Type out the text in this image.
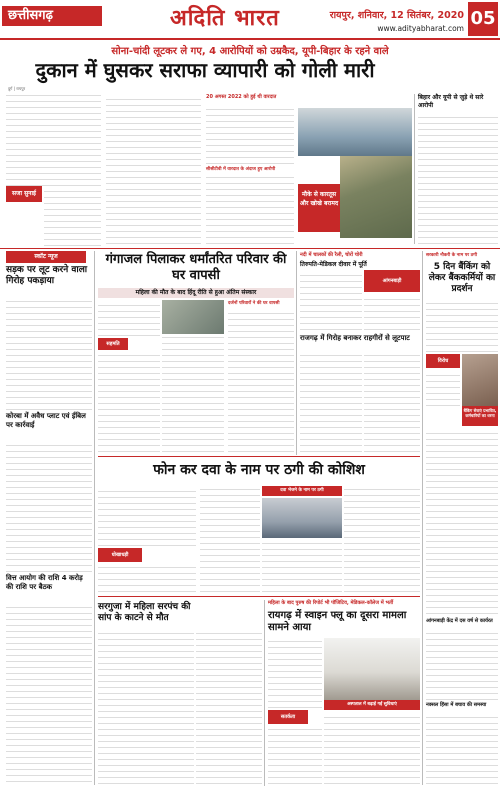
छत्तीसगढ़	अदिति भारत	रायपुर, शनिवार, 12 सितंबर, 2020
www.adityabharat.com 05
सोना-चांदी लूटकर ले गए, 4 आरोपियों को उम्रकैद, यूपी-बिहार के रहने वाले
दुकान में घुसकर सराफा व्यापारी को गोली मारी
दुर्ग | रायपुर
सजा सुनाई
20 अगस्त 2022 को हुई थी वारदात
सीसीटीवी में वारदात के अंदाज हुए आरोपी
मौके से कारतूस और खोखे बरामद
बिहार और यूपी से जुड़े थे सारे आरोपी
स्कॉट न्यूज
सड़क पर लूट करने वाला गिरोह पकड़ाया
कोरबा में अवैध प्लाट एवं ईबिल पर कार्रवाई
वित्त आयोग की राशि 4 करोड़ की राशि पर बैठक
गंगाजल पिलाकर धर्मांतरित परिवार की घर वापसी
महिला की मौत के बाद हिंदू रीति से हुआ अंतिम संस्कार
सहमति
दर्जनों परिवारों ने की घर वापसी
नदी में चालकों की रैली, चोरों चोरी
तिरुपति-मेडिकल दीवार में पूर्ति
आंगनबाड़ी
राजगढ़ में गिरोह बनाकर राहगीरों से लूटपाट
सरकारी नौकरी के नाम पर ठगी
5 दिन बैंकिंग को लेकर बैंककर्मियों का प्रदर्शन
विरोध
बैंकिंग सेवाएं प्रभावित, कर्मचारियों का धरना
फोन कर दवा के नाम पर ठगी की कोशिश
धोखाधड़ी
दवा भेजने के नाम पर ठगी
सरगुजा में महिला सरपंच की सांप के काटने से मौत
महिला के बाद पुरुष की रिपोर्ट भी पॉजिटिव, मेडिकल-कॉलेज में भर्ती
रायगढ़ में स्वाइन फ्लू का दूसरा मामला सामने आया
सतर्कता
अस्पताल में बढ़ाई गई सुविधाएं
आंगनबाड़ी केंद्र में दस वर्ष से कार्यरत
नक्सल हिंसा में बचाव की समस्या
